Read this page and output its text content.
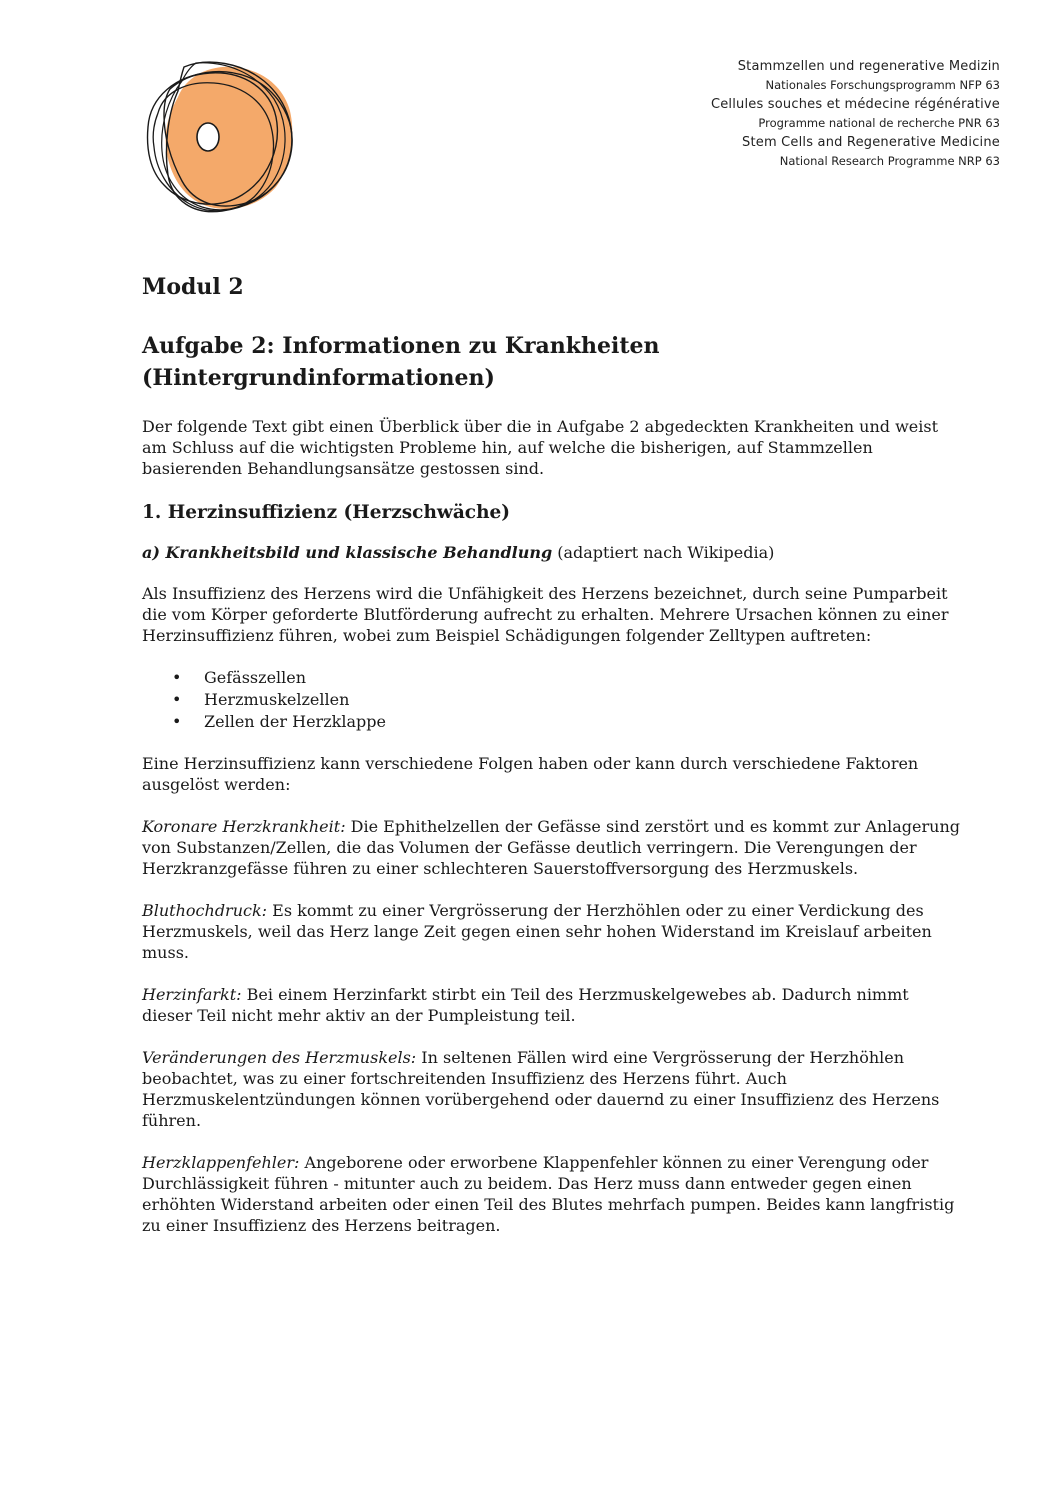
Stammzellen und regenerative Medizin
Nationales Forschungsprogramm NFP 63
Cellules souches et médecine régénérative
Programme national de recherche PNR 63
Stem Cells and Regenerative Medicine
National Research Programme NRP 63
Modul 2
Aufgabe 2: Informationen zu Krankheiten
(Hintergrundinformationen)

Der folgende Text gibt einen Überblick über die in Aufgabe 2 abgedeckten Krankheiten und weist am Schluss auf die wichtigsten Probleme hin, auf welche die bisherigen, auf Stammzellen basierenden Behandlungsansätze gestossen sind.

1. Herzinsuffizienz (Herzschwäche)

a) Krankheitsbild und klassische Behandlung (adaptiert nach Wikipedia)

Als Insuffizienz des Herzens wird die Unfähigkeit des Herzens bezeichnet, durch seine Pumparbeit die vom Körper geforderte Blutförderung aufrecht zu erhalten. Mehrere Ursachen können zu einer Herzinsuffizienz führen, wobei zum Beispiel Schädigungen folgender Zelltypen auftreten:

• Gefässzellen
• Herzmuskelzellen
• Zellen der Herzklappe

Eine Herzinsuffizienz kann verschiedene Folgen haben oder kann durch verschiedene Faktoren ausgelöst werden:

Koronare Herzkrankheit: Die Ephithelzellen der Gefässe sind zerstört und es kommt zur Anlagerung von Substanzen/Zellen, die das Volumen der Gefässe deutlich verringern. Die Verengungen der Herzkranzgefässe führen zu einer schlechteren Sauerstoffversorgung des Herzmuskels.

Bluthochdruck: Es kommt zu einer Vergrösserung der Herzhöhlen oder zu einer Verdickung des Herzmuskels, weil das Herz lange Zeit gegen einen sehr hohen Widerstand im Kreislauf arbeiten muss.

Herzinfarkt: Bei einem Herzinfarkt stirbt ein Teil des Herzmuskelgewebes ab. Dadurch nimmt dieser Teil nicht mehr aktiv an der Pumpleistung teil.

Veränderungen des Herzmuskels: In seltenen Fällen wird eine Vergrösserung der Herzhöhlen beobachtet, was zu einer fortschreitenden Insuffizienz des Herzens führt. Auch Herzmuskelentzündungen können vorübergehend oder dauernd zu einer Insuffizienz des Herzens führen.

Herzklappenfehler: Angeborene oder erworbene Klappenfehler können zu einer Verengung oder Durchlässigkeit führen - mitunter auch zu beidem. Das Herz muss dann entweder gegen einen erhöhten Widerstand arbeiten oder einen Teil des Blutes mehrfach pumpen. Beides kann langfristig zu einer Insuffizienz des Herzens beitragen.
